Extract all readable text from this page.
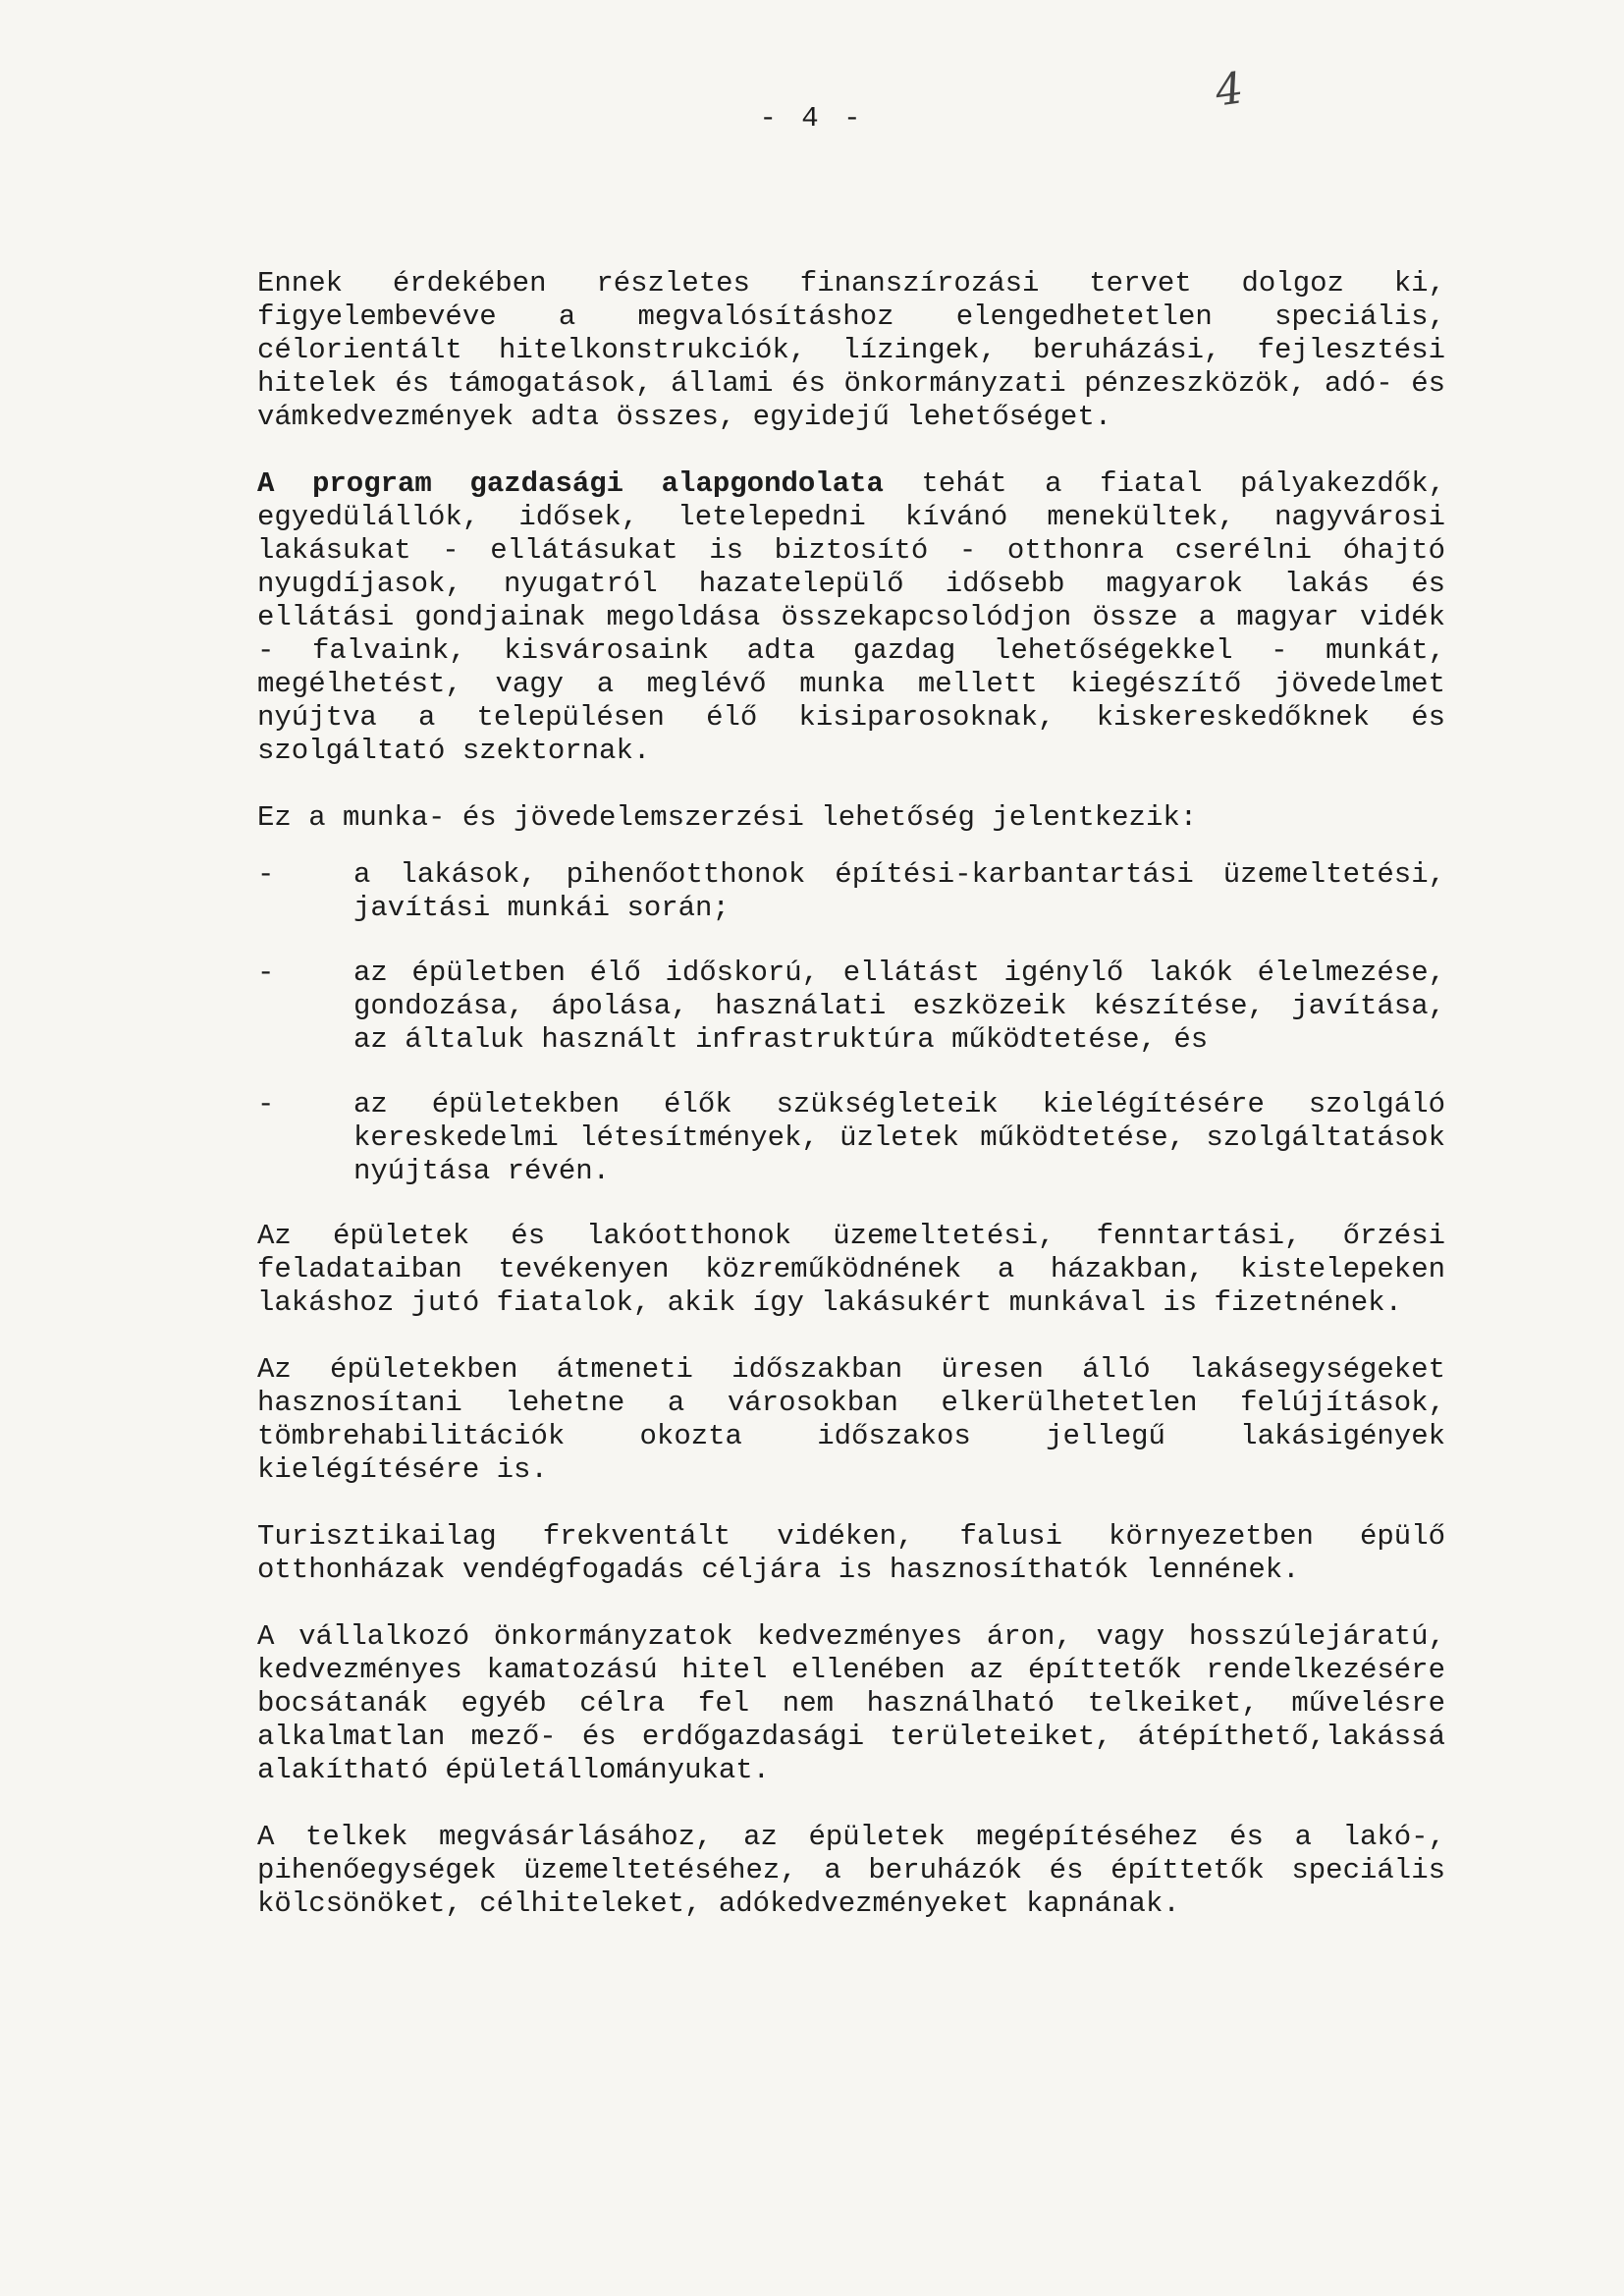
- 4 -
4

Ennek érdekében részletes finanszírozási tervet dolgoz ki, figyelembevéve a megvalósításhoz elengedhetetlen speciális, célorientált hitelkonstrukciók, lízingek, beruházási, fejlesztési hitelek és támogatások, állami és önkormányzati pénzeszközök, adó- és vámkedvezmények adta összes, egyidejű lehetőséget.

A program gazdasági alapgondolata tehát a fiatal pályakezdők, egyedülállók, idősek, letelepedni kívánó menekültek, nagyvárosi lakásukat - ellátásukat is biztosító - otthonra cserélni óhajtó nyugdíjasok, nyugatról hazatelepülő idősebb magyarok lakás és ellátási gondjainak megoldása összekapcsolódjon össze a magyar vidék - falvaink, kisvárosaink adta gazdag lehetőségekkel - munkát, megélhetést, vagy a meglévő munka mellett kiegészítő jövedelmet nyújtva a településen élő kisiparosoknak, kiskereskedőknek és szolgáltató szektornak.

Ez a munka- és jövedelemszerzési lehetőség jelentkezik:

-	a lakások, pihenőotthonok építési-karbantartási üzemeltetési, javítási munkái során;
-	az épületben élő időskorú, ellátást igénylő lakók élelmezése, gondozása, ápolása, használati eszközeik készítése, javítása, az általuk használt infrastruktúra működtetése, és
-	az épületekben élők szükségleteik kielégítésére szolgáló kereskedelmi létesítmények, üzletek működtetése, szolgáltatások nyújtása révén.

Az épületek és lakóotthonok üzemeltetési, fenntartási, őrzési feladataiban tevékenyen közreműködnének a házakban, kistelepeken lakáshoz jutó fiatalok, akik így lakásukért munkával is fizetnének.

Az épületekben átmeneti időszakban üresen álló lakásegységeket hasznosítani lehetne a városokban elkerülhetetlen felújítások, tömbrehabilitációk okozta időszakos jellegű lakásigények kielégítésére is.

Turisztikailag frekventált vidéken, falusi környezetben épülő otthonházak vendégfogadás céljára is hasznosíthatók lennének.

A vállalkozó önkormányzatok kedvezményes áron, vagy hosszúlejáratú, kedvezményes kamatozású hitel ellenében az építtetők rendelkezésére bocsátanák egyéb célra fel nem használható telkeiket, művelésre alkalmatlan mező- és erdőgazdasági területeiket, átépíthető,lakássá alakítható épületállományukat.

A telkek megvásárlásához, az épületek megépítéséhez és a lakó-, pihenőegységek üzemeltetéséhez, a beruházók és építtetők speciális kölcsönöket, célhiteleket, adókedvezményeket kapnának.
